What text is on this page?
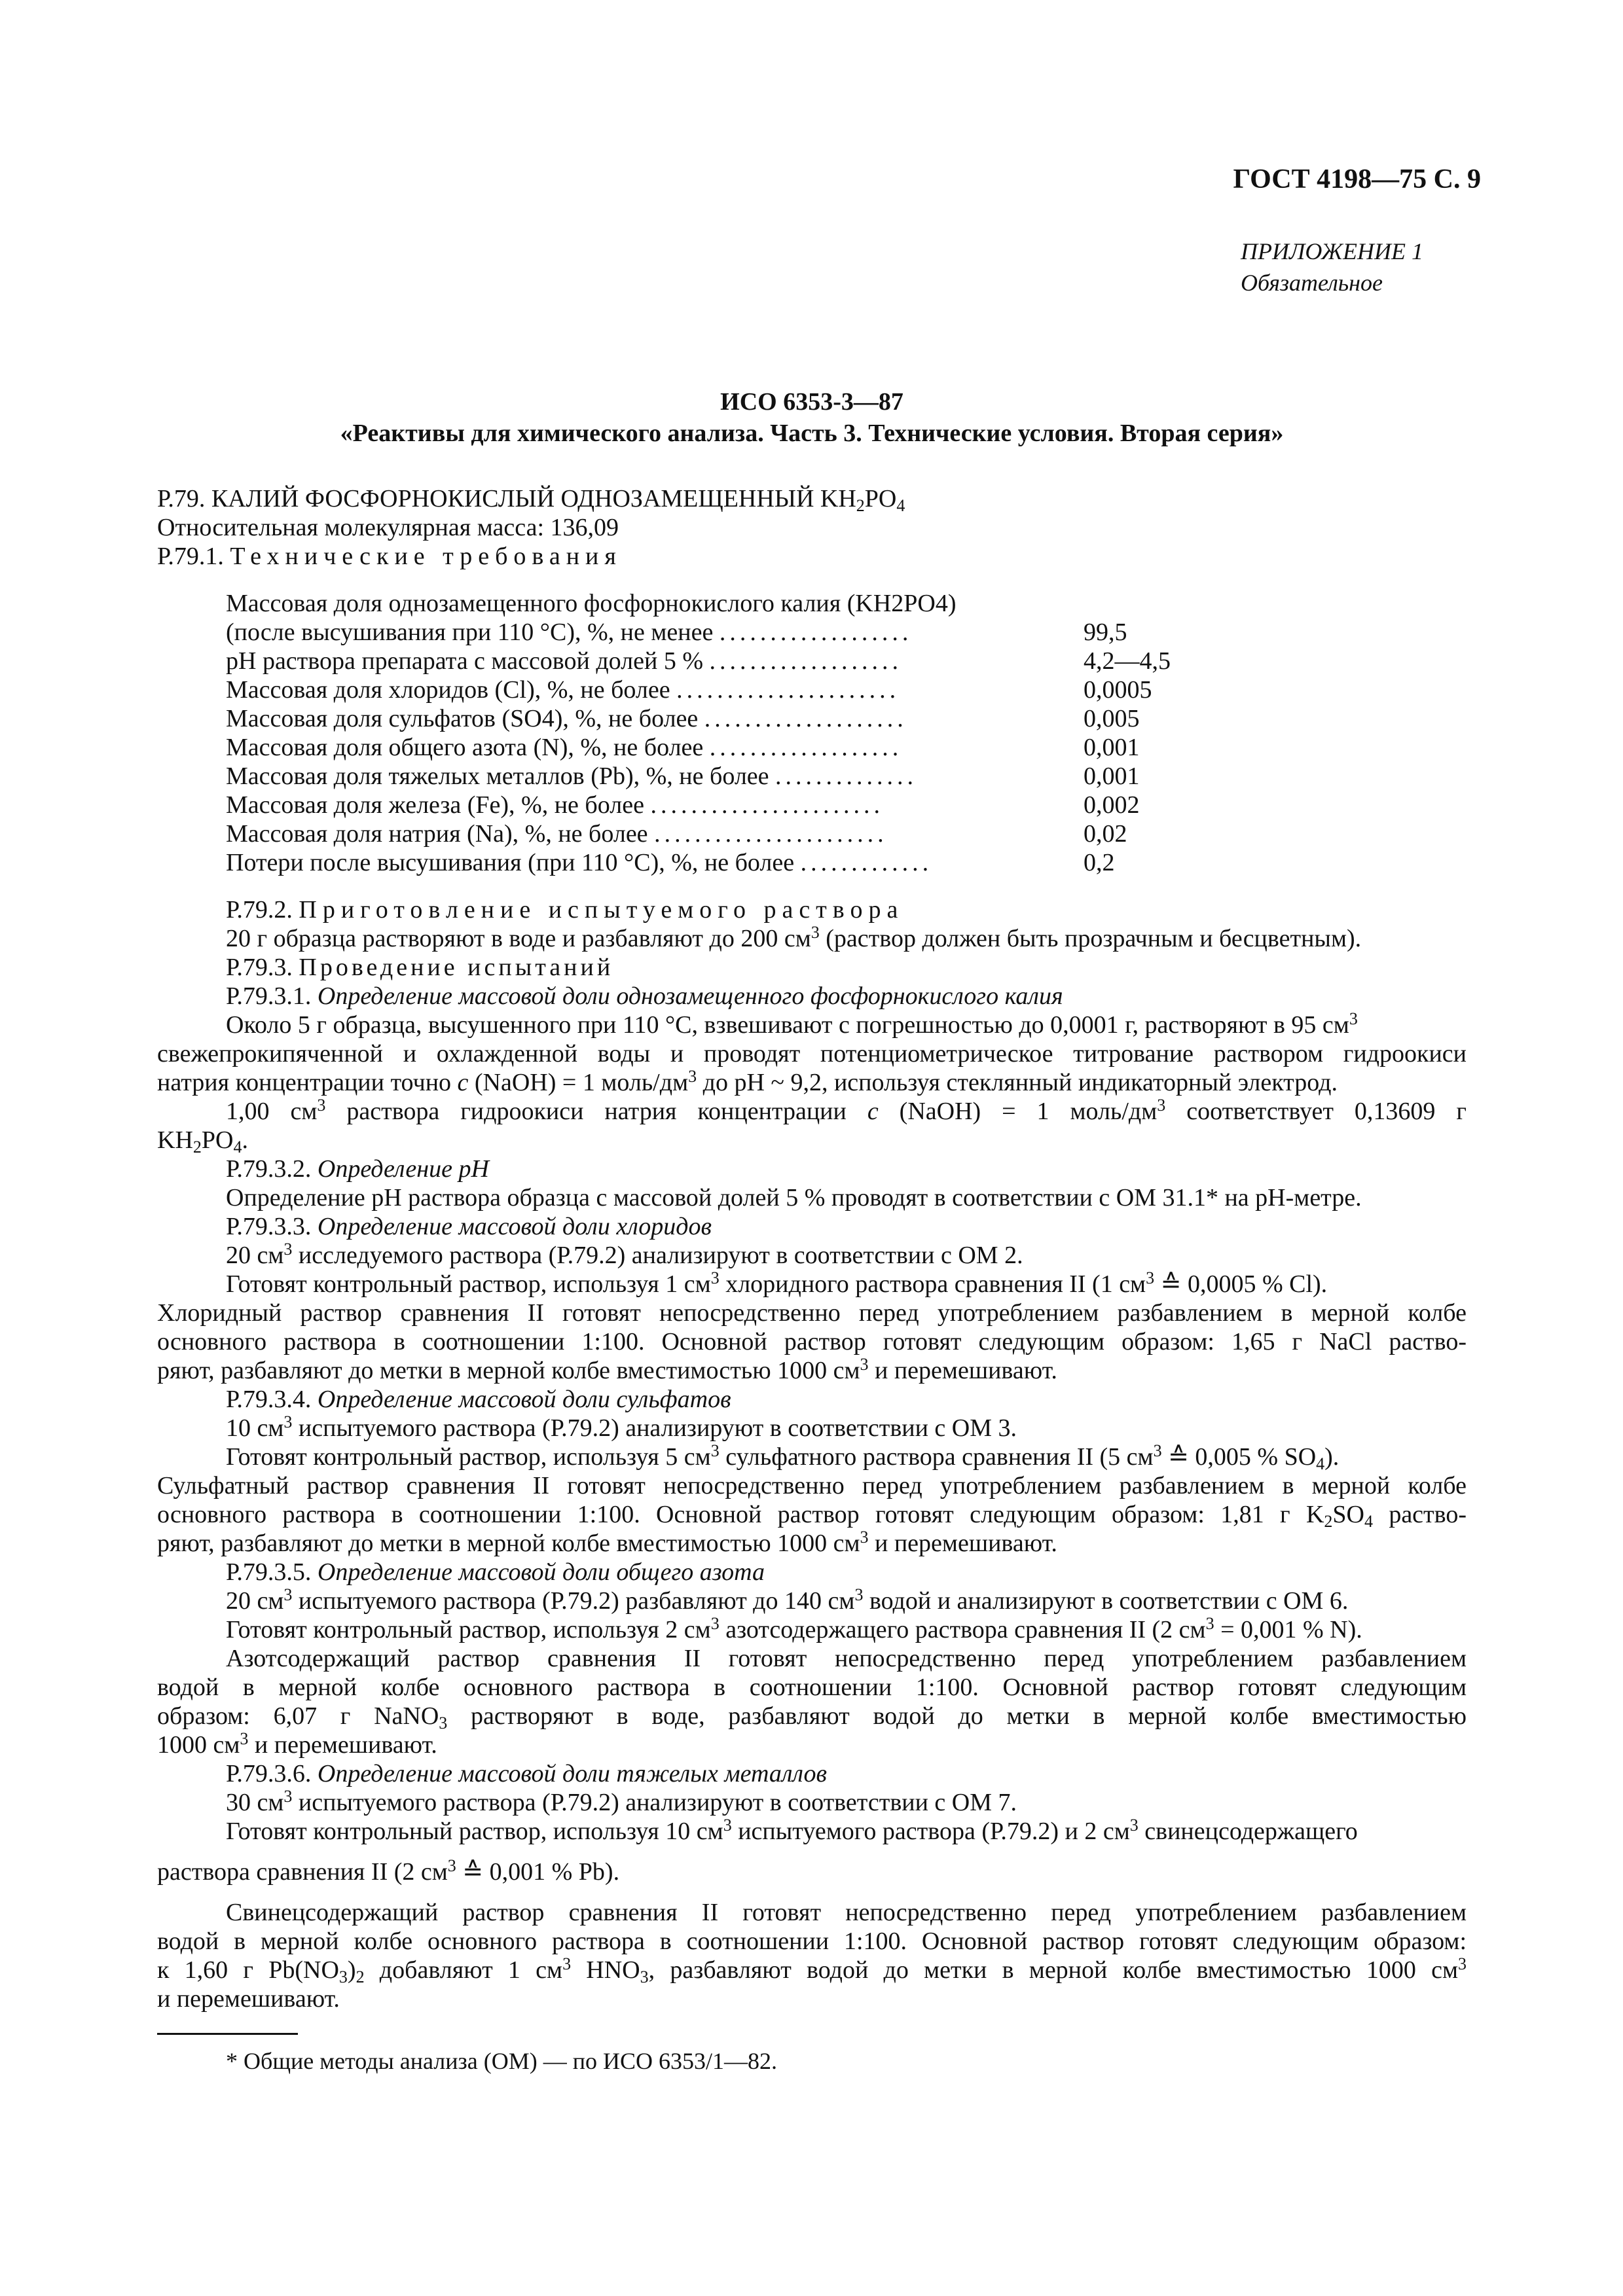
ГОСТ 4198—75 С. 9
ПРИЛОЖЕНИЕ 1
Обязательное
ИСО 6353-3—87
«Реактивы для химического анализа. Часть 3. Технические условия. Вторая серия»
Р.79. КАЛИЙ ФОСФОРНОКИСЛЫЙ ОДНОЗАМЕЩЕННЫЙ $KH_2PO_4$
Относительная молекулярная масса: 136,09
Р.79.1. Технические требования
Массовая доля однозамещенного фосфорнокислого калия (KH2PO4)
(после высушивания при 110 °С), %, не менее ...................	99,5
pH раствора препарата с массовой долей 5 % ...................	4,2—4,5
Массовая доля хлоридов (Cl), %, не более ......................	0,0005
Массовая доля сульфатов (SO4), %, не более ....................	0,005
Массовая доля общего азота (N), %, не более ...................	0,001
Массовая доля тяжелых металлов (Pb), %, не более ..............	0,001
Массовая доля железа (Fe), %, не более .......................	0,002
Массовая доля натрия (Na), %, не более .......................	0,02
Потери после высушивания (при 110 °С), %, не более .............	0,2
Р.79.2. Приготовление испытуемого раствора
20 г образца растворяют в воде и разбавляют до 200 $см^3$ (раствор должен быть прозрачным и бесцветным).
Р.79.3. Проведение испытаний
Р.79.3.1. Определение массовой доли однозамещенного фосфорнокислого калия
Около 5 г образца, высушенного при 110 °С, взвешивают с погрешностью до 0,0001 г, растворяют в 95 $см^3$
свежепрокипяченной и охлажденной воды и проводят потенциометрическое титрование раствором гидроокиси
натрия концентрации точно c (NaOH) = 1 моль/$дм^3$ до pH ~ 9,2, используя стеклянный индикаторный электрод.
1,00 $см^3$ раствора гидроокиси натрия концентрации c (NaOH) = 1 моль/$дм^3$ соответствует 0,13609 г
$KH_2PO_4$.
Р.79.3.2. Определение pH
Определение pH раствора образца с массовой долей 5 % проводят в соответствии с ОМ 31.1* на pH-метре.
Р.79.3.3. Определение массовой доли хлоридов
20 $см^3$ исследуемого раствора (Р.79.2) анализируют в соответствии с ОМ 2.
Готовят контрольный раствор, используя 1 $см^3$ хлоридного раствора сравнения II (1 $см^3$ ≙ 0,0005 % Cl).
Хлоридный раствор сравнения II готовят непосредственно перед употреблением разбавлением в мерной колбе
основного раствора в соотношении 1:100. Основной раствор готовят следующим образом: 1,65 г NaCl раство-
ряют, разбавляют до метки в мерной колбе вместимостью 1000 $см^3$ и перемешивают.
Р.79.3.4. Определение массовой доли сульфатов
10 $см^3$ испытуемого раствора (Р.79.2) анализируют в соответствии с ОМ 3.
Готовят контрольный раствор, используя 5 $см^3$ сульфатного раствора сравнения II (5 $см^3$ ≙ 0,005 % $SO_4$).
Сульфатный раствор сравнения II готовят непосредственно перед употреблением разбавлением в мерной колбе
основного раствора в соотношении 1:100. Основной раствор готовят следующим образом: 1,81 г $K_2SO_4$ раство-
ряют, разбавляют до метки в мерной колбе вместимостью 1000 $см^3$ и перемешивают.
Р.79.3.5. Определение массовой доли общего азота
20 $см^3$ испытуемого раствора (Р.79.2) разбавляют до 140 $см^3$ водой и анализируют в соответствии с ОМ 6.
Готовят контрольный раствор, используя 2 $см^3$ азотсодержащего раствора сравнения II (2 $см^3 = 0,001$ % N).
Азотсодержащий раствор сравнения II готовят непосредственно перед употреблением разбавлением
водой в мерной колбе основного раствора в соотношении 1:100. Основной раствор готовят следующим
образом: 6,07 г NaNO$_3$ растворяют в воде, разбавляют водой до метки в мерной колбе вместимостью
1000 $см^3$ и перемешивают.
Р.79.3.6. Определение массовой доли тяжелых металлов
30 $см^3$ испытуемого раствора (Р.79.2) анализируют в соответствии с ОМ 7.
Готовят контрольный раствор, используя 10 $см^3$ испытуемого раствора (Р.79.2) и 2 $см^3$ свинецсодержащего
раствора сравнения II (2 $см^3$ ≙ 0,001 % Pb).
Свинецсодержащий раствор сравнения II готовят непосредственно перед употреблением разбавлением
водой в мерной колбе основного раствора в соотношении 1:100. Основной раствор готовят следующим образом:
к 1,60 г $Pb(NO_3)_2$ добавляют 1 $см^3$ $HNO_3$, разбавляют водой до метки в мерной колбе вместимостью 1000 $см^3$
и перемешивают.
* Общие методы анализа (ОМ) — по ИСО 6353/1—82.
